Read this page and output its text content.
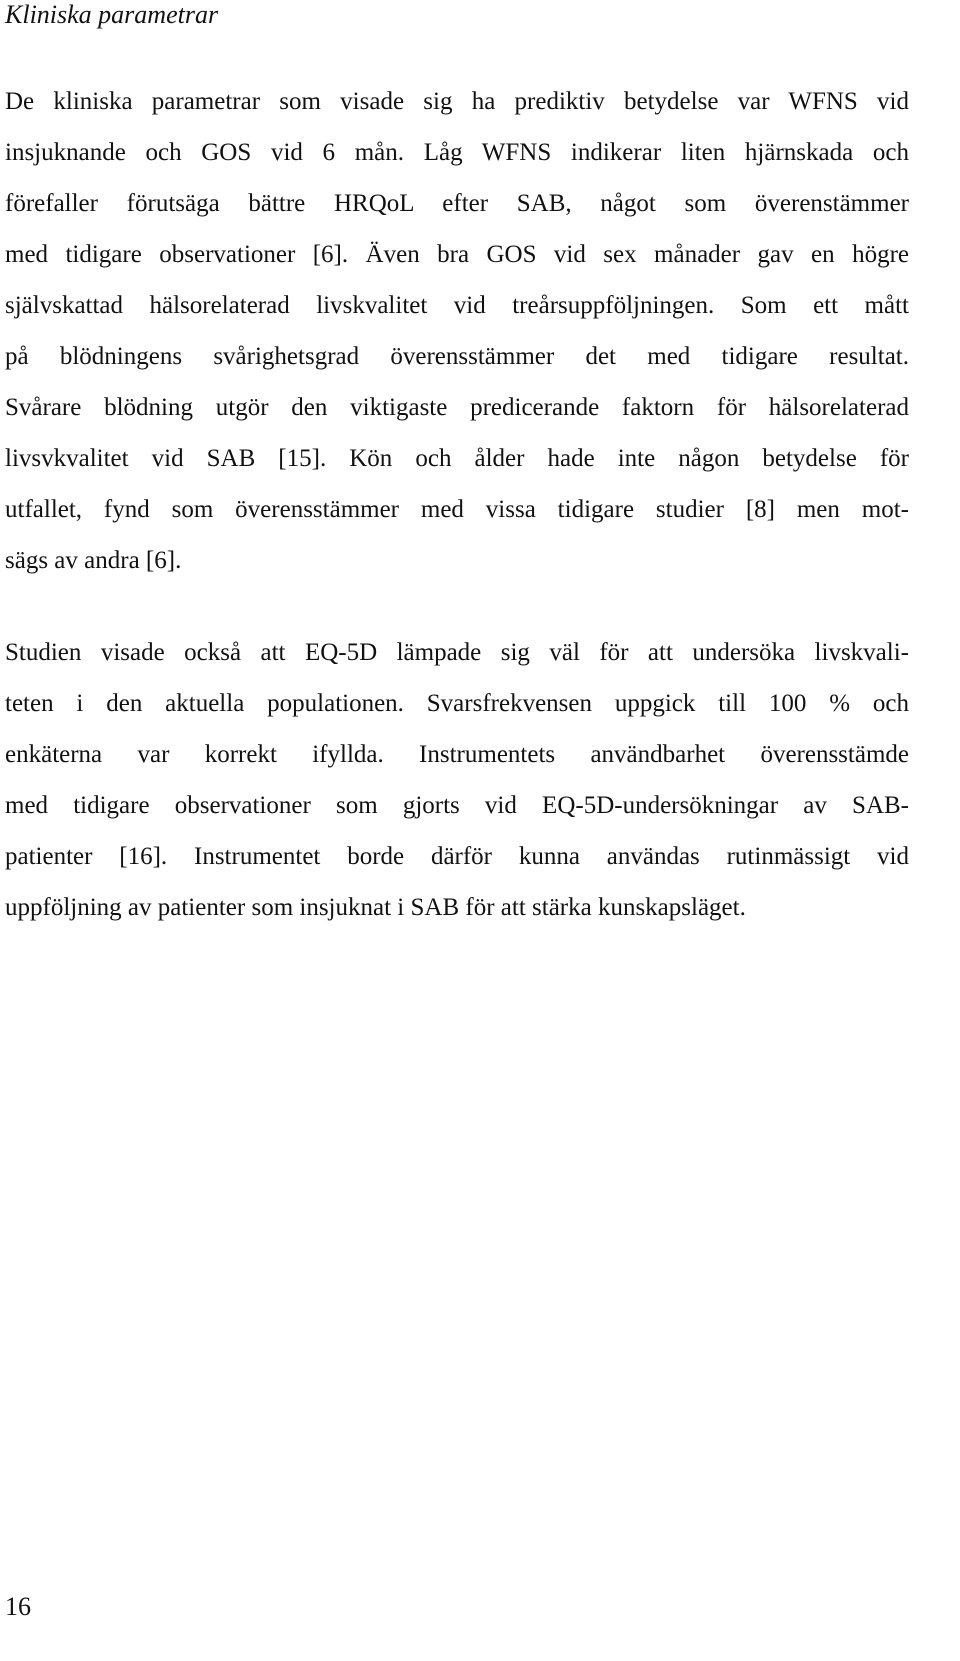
Kliniska parametrar
De kliniska parametrar som visade sig ha prediktiv betydelse var WFNS vid
insjuknande och GOS vid 6 mån. Låg WFNS indikerar liten hjärnskada och
förefaller förutsäga bättre HRQoL efter SAB, något som överenstämmer
med tidigare observationer [6]. Även bra GOS vid sex månader gav en högre
självskattad hälsorelaterad livskvalitet vid treårsuppföljningen. Som ett mått
på blödningens svårighetsgrad överensstämmer det med tidigare resultat.
Svårare blödning utgör den viktigaste predicerande faktorn för hälsorelaterad
livsvkvalitet vid SAB [15]. Kön och ålder hade inte någon betydelse för
utfallet, fynd som överensstämmer med vissa tidigare studier [8] men mot-
sägs av andra [6].
Studien visade också att EQ-5D lämpade sig väl för att undersöka livskvali-
teten i den aktuella populationen. Svarsfrekvensen uppgick till 100 % och
enkäterna var korrekt ifyllda. Instrumentets användbarhet överensstämde
med tidigare observationer som gjorts vid EQ-5D-undersökningar av SAB-
patienter [16]. Instrumentet borde därför kunna användas rutinmässigt vid
uppföljning av patienter som insjuknat i SAB för att stärka kunskapsläget.
16
